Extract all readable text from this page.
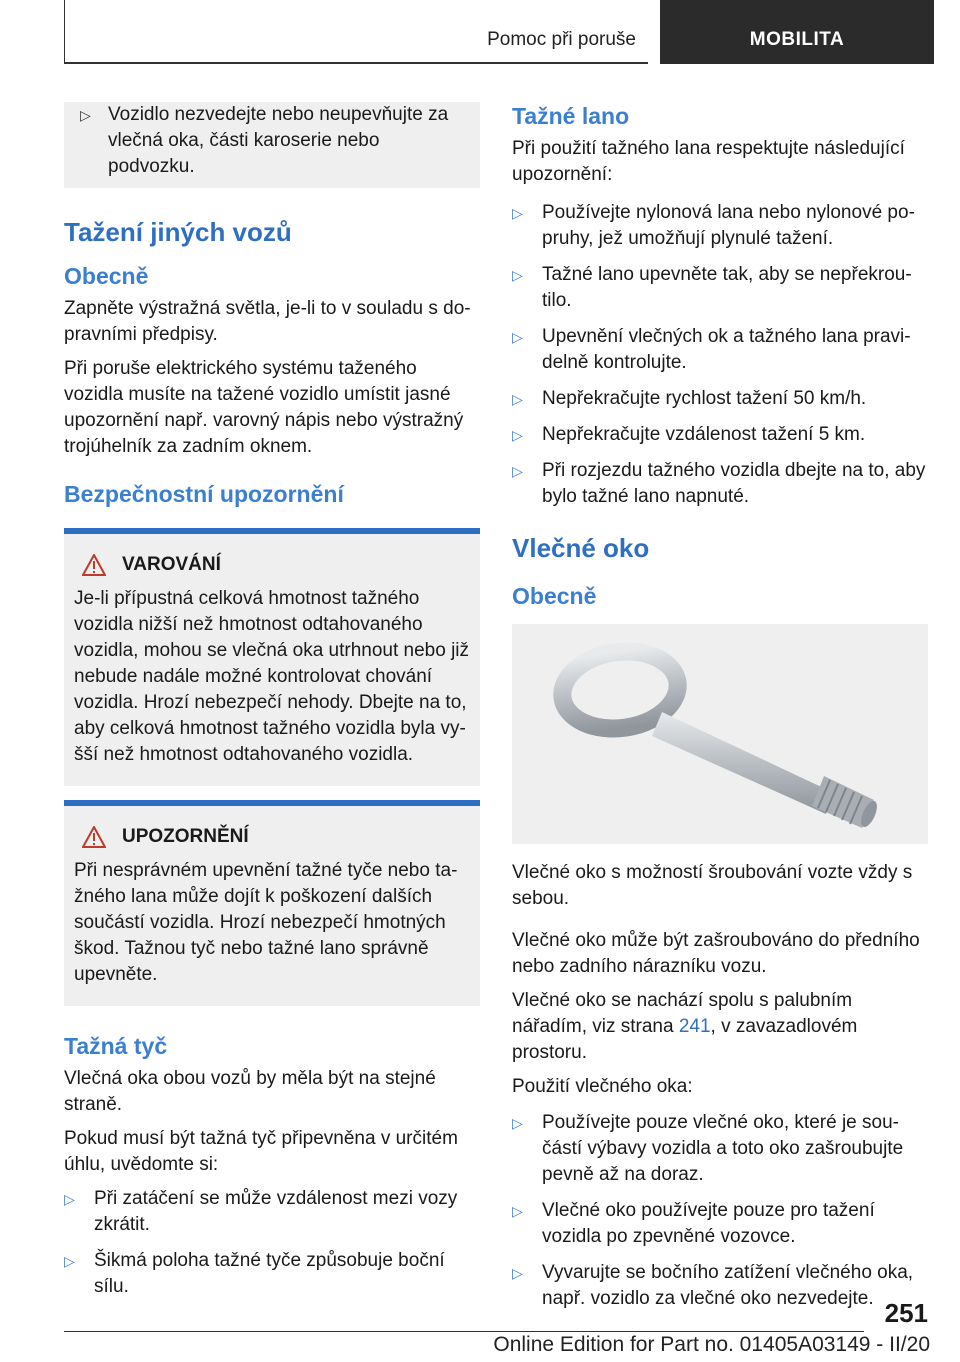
Pomoc při poruše	MOBILITA
▷ Vozidlo nezvedejte nebo neupevňujte za vlečná oka, části karoserie nebo podvozku.
Tažení jiných vozů
Obecně

Zapněte výstražná světla, je-li to v souladu s dopravními předpisy.

Při poruše elektrického systému taženého vozidla musíte na tažené vozidlo umístit jasné upozornění např. varovný nápis nebo výstražný trojúhelník za zadním oknem.

Bezpečnostní upozornění
VAROVÁNÍ

Je-li přípustná celková hmotnost tažného vozidla nižší než hmotnost odtahovaného vozidla, mohou se vlečná oka utrhnout nebo již nebude nadále možné kontrolovat chování vozidla. Hrozí nebezpečí nehody. Dbejte na to, aby celková hmotnost tažného vozidla byla vyšší než hmotnost odtahovaného vozidla.

UPOZORNĚNÍ

Při nesprávném upevnění tažné tyče nebo tažného lana může dojít k poškození dalších součástí vozidla. Hrozí nebezpečí hmotných škod. Tažnou tyč nebo tažné lano správně upevněte.

Tažná tyč

Vlečná oka obou vozů by měla být na stejné straně.

Pokud musí být tažná tyč připevněna v určitém úhlu, uvědomte si:

▷ Při zatáčení se může vzdálenost mezi vozy zkrátit.
▷ Šikmá poloha tažné tyče způsobuje boční sílu.
Tažné lano

Při použití tažného lana respektujte následující upozornění:

▷ Používejte nylonová lana nebo nylonové popruhy, jež umožňují plynulé tažení.
▷ Tažné lano upevněte tak, aby se nepřekroutilo.
▷ Upevnění vlečných ok a tažného lana pravidelně kontrolujte.
▷ Nepřekračujte rychlost tažení 50 km/h.
▷ Nepřekračujte vzdálenost tažení 5 km.
▷ Při rozjezdu tažného vozidla dbejte na to, aby bylo tažné lano napnuté.
Vlečné oko
Obecně

Vlečné oko s možností šroubování vozte vždy s sebou.

Vlečné oko může být zašroubováno do předního nebo zadního nárazníku vozu.

Vlečné oko se nachází spolu s palubním nářadím, viz strana 241, v zavazadlovém prostoru.

Použití vlečného oka:

▷ Používejte pouze vlečné oko, které je součástí výbavy vozidla a toto oko zašroubujte pevně až na doraz.
▷ Vlečné oko používejte pouze pro tažení vozidla po zpevněné vozovce.
▷ Vyvarujte se bočního zatížení vlečného oka, např. vozidlo za vlečné oko nezvedejte. 251
Online Edition for Part no. 01405A03149 - II/20
